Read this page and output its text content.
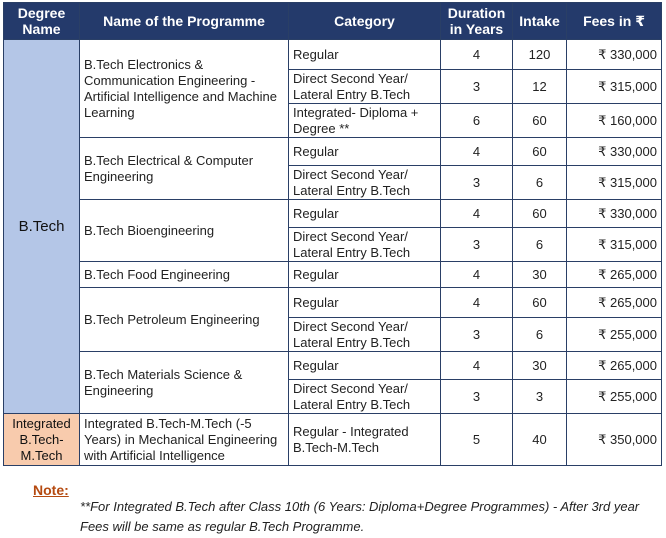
Degree Name	Name of the Programme	Category	Duration in Years	Intake	Fees in ₹
B.Tech	B.Tech Electronics & Communication Engineering - Artificial Intelligence and Machine Learning	Regular	4	120	₹ 330,000
		Direct Second Year/ Lateral Entry B.Tech	3	12	₹ 315,000
		Integrated- Diploma + Degree **	6	60	₹ 160,000
	B.Tech Electrical & Computer Engineering	Regular	4	60	₹ 330,000
		Direct Second Year/ Lateral Entry B.Tech	3	6	₹ 315,000
	B.Tech Bioengineering	Regular	4	60	₹ 330,000
		Direct Second Year/ Lateral Entry B.Tech	3	6	₹ 315,000
	B.Tech Food Engineering	Regular	4	30	₹ 265,000
	B.Tech Petroleum Engineering	Regular	4	60	₹ 265,000
		Direct Second Year/ Lateral Entry B.Tech	3	6	₹ 255,000
	B.Tech Materials Science & Engineering	Regular	4	30	₹ 265,000
		Direct Second Year/ Lateral Entry B.Tech	3	3	₹ 255,000
Integrated B.Tech-M.Tech	Integrated B.Tech-M.Tech (-5 Years) in Mechanical Engineering with Artificial Intelligence	Regular - Integrated B.Tech-M.Tech	5	40	₹ 350,000
Note:
**For Integrated B.Tech after Class 10th (6 Years: Diploma+Degree Programmes) - After 3rd year Fees will be same as regular B.Tech Programme.
